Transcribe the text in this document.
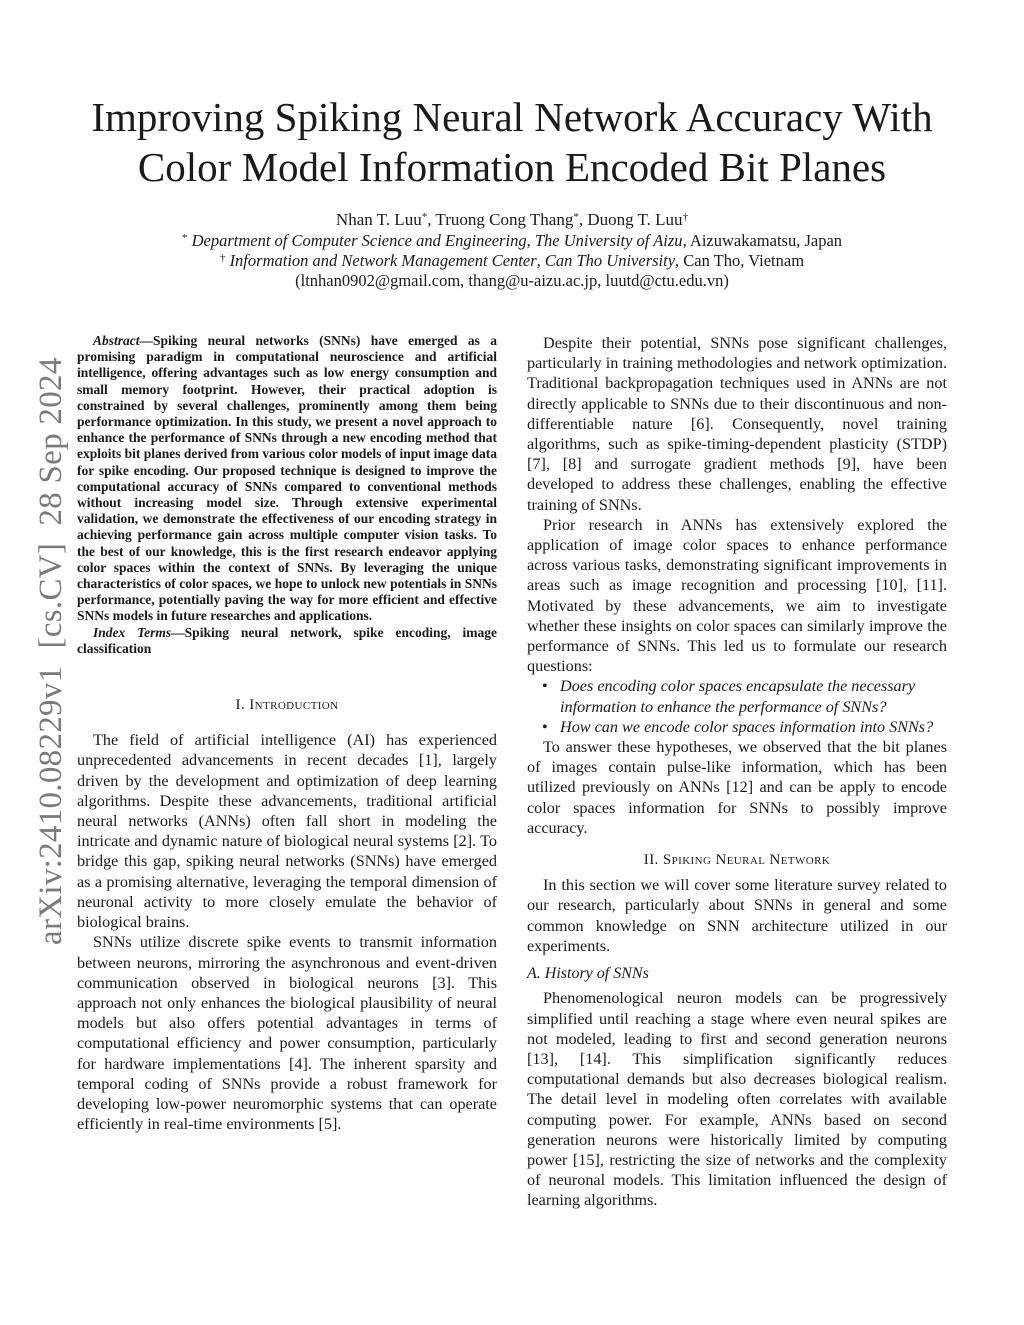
arXiv:2410.08229v1  [cs.CV]  28 Sep 2024
Improving Spiking Neural Network Accuracy With
Color Model Information Encoded Bit Planes
Nhan T. Luu*, Truong Cong Thang*, Duong T. Luu†
* Department of Computer Science and Engineering, The University of Aizu, Aizuwakamatsu, Japan
† Information and Network Management Center, Can Tho University, Can Tho, Vietnam
(ltnhan0902@gmail.com, thang@u-aizu.ac.jp, luutd@ctu.edu.vn)

Abstract—Spiking neural networks (SNNs) have emerged as a promising paradigm in computational neuroscience and artificial intelligence, offering advantages such as low energy consumption and small memory footprint. However, their practical adoption is constrained by several challenges, prominently among them being performance optimization. In this study, we present a novel approach to enhance the performance of SNNs through a new encoding method that exploits bit planes derived from various color models of input image data for spike encoding. Our proposed technique is designed to improve the computational accuracy of SNNs compared to conventional methods without increasing model size. Through extensive experimental validation, we demonstrate the effectiveness of our encoding strategy in achieving performance gain across multiple computer vision tasks. To the best of our knowledge, this is the first research endeavor applying color spaces within the context of SNNs. By leveraging the unique characteristics of color spaces, we hope to unlock new potentials in SNNs performance, potentially paving the way for more efficient and effective SNNs models in future researches and applications.

Index Terms—Spiking neural network, spike encoding, image classification

I. Introduction

The field of artificial intelligence (AI) has experienced unprecedented advancements in recent decades [1], largely driven by the development and optimization of deep learning algorithms. Despite these advancements, traditional artificial neural networks (ANNs) often fall short in modeling the intricate and dynamic nature of biological neural systems [2]. To bridge this gap, spiking neural networks (SNNs) have emerged as a promising alternative, leveraging the temporal dimension of neuronal activity to more closely emulate the behavior of biological brains.

SNNs utilize discrete spike events to transmit information between neurons, mirroring the asynchronous and event-driven communication observed in biological neurons [3]. This approach not only enhances the biological plausibility of neural models but also offers potential advantages in terms of computational efficiency and power consumption, particularly for hardware implementations [4]. The inherent sparsity and temporal coding of SNNs provide a robust framework for developing low-power neuromorphic systems that can operate efficiently in real-time environments [5].

Despite their potential, SNNs pose significant challenges, particularly in training methodologies and network optimization. Traditional backpropagation techniques used in ANNs are not directly applicable to SNNs due to their discontinuous and non-differentiable nature [6]. Consequently, novel training algorithms, such as spike-timing-dependent plasticity (STDP) [7], [8] and surrogate gradient methods [9], have been developed to address these challenges, enabling the effective training of SNNs.

Prior research in ANNs has extensively explored the application of image color spaces to enhance performance across various tasks, demonstrating significant improvements in areas such as image recognition and processing [10], [11]. Motivated by these advancements, we aim to investigate whether these insights on color spaces can similarly improve the performance of SNNs. This led us to formulate our research questions:

• Does encoding color spaces encapsulate the necessary information to enhance the performance of SNNs?
• How can we encode color spaces information into SNNs?

To answer these hypotheses, we observed that the bit planes of images contain pulse-like information, which has been utilized previously on ANNs [12] and can be apply to encode color spaces information for SNNs to possibly improve accuracy.

II. Spiking Neural Network

In this section we will cover some literature survey related to our research, particularly about SNNs in general and some common knowledge on SNN architecture utilized in our experiments.

A. History of SNNs

Phenomenological neuron models can be progressively simplified until reaching a stage where even neural spikes are not modeled, leading to first and second generation neurons [13], [14]. This simplification significantly reduces computational demands but also decreases biological realism. The detail level in modeling often correlates with available computing power. For example, ANNs based on second generation neurons were historically limited by computing power [15], restricting the size of networks and the complexity of neuronal models. This limitation influenced the design of learning algorithms.
